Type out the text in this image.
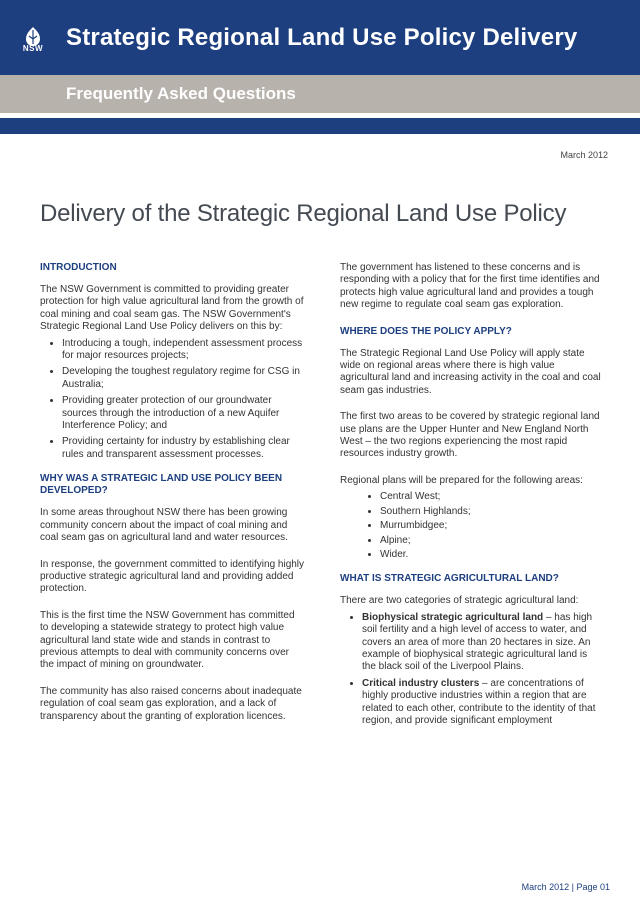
NSW Strategic Regional Land Use Policy Delivery
Frequently Asked Questions
March 2012
Delivery of the Strategic Regional Land Use Policy
INTRODUCTION
The NSW Government is committed to providing greater protection for high value agricultural land from the growth of coal mining and coal seam gas. The NSW Government's Strategic Regional Land Use Policy delivers on this by:
• Introducing a tough, independent assessment process for major resources projects;
• Developing the toughest regulatory regime for CSG in Australia;
• Providing greater protection of our groundwater sources through the introduction of a new Aquifer Interference Policy; and
• Providing certainty for industry by establishing clear rules and transparent assessment processes.
WHY WAS A STRATEGIC LAND USE POLICY BEEN DEVELOPED?
In some areas throughout NSW there has been growing community concern about the impact of coal mining and coal seam gas on agricultural land and water resources.
In response, the government committed to identifying highly productive strategic agricultural land and providing added protection.
This is the first time the NSW Government has committed to developing a statewide strategy to protect high value agricultural land state wide and stands in contrast to previous attempts to deal with community concerns over the impact of mining on groundwater.
The community has also raised concerns about inadequate regulation of coal seam gas exploration, and a lack of transparency about the granting of exploration licences.
The government has listened to these concerns and is responding with a policy that for the first time identifies and protects high value agricultural land and provides a tough new regime to regulate coal seam gas exploration.
WHERE DOES THE POLICY APPLY?
The Strategic Regional Land Use Policy will apply state wide on regional areas where there is high value agricultural land and increasing activity in the coal and coal seam gas industries.
The first two areas to be covered by strategic regional land use plans are the Upper Hunter and New England North West – the two regions experiencing the most rapid resources industry growth.
Regional plans will be prepared for the following areas:
• Central West;
• Southern Highlands;
• Murrumbidgee;
• Alpine;
• Wider.
WHAT IS STRATEGIC AGRICULTURAL LAND?
There are two categories of strategic agricultural land:
• Biophysical strategic agricultural land – has high soil fertility and a high level of access to water, and covers an area of more than 20 hectares in size. An example of biophysical strategic agricultural land is the black soil of the Liverpool Plains.
• Critical industry clusters – are concentrations of highly productive industries within a region that are related to each other, contribute to the identity of that region, and provide significant employment
March 2012 | Page 01
